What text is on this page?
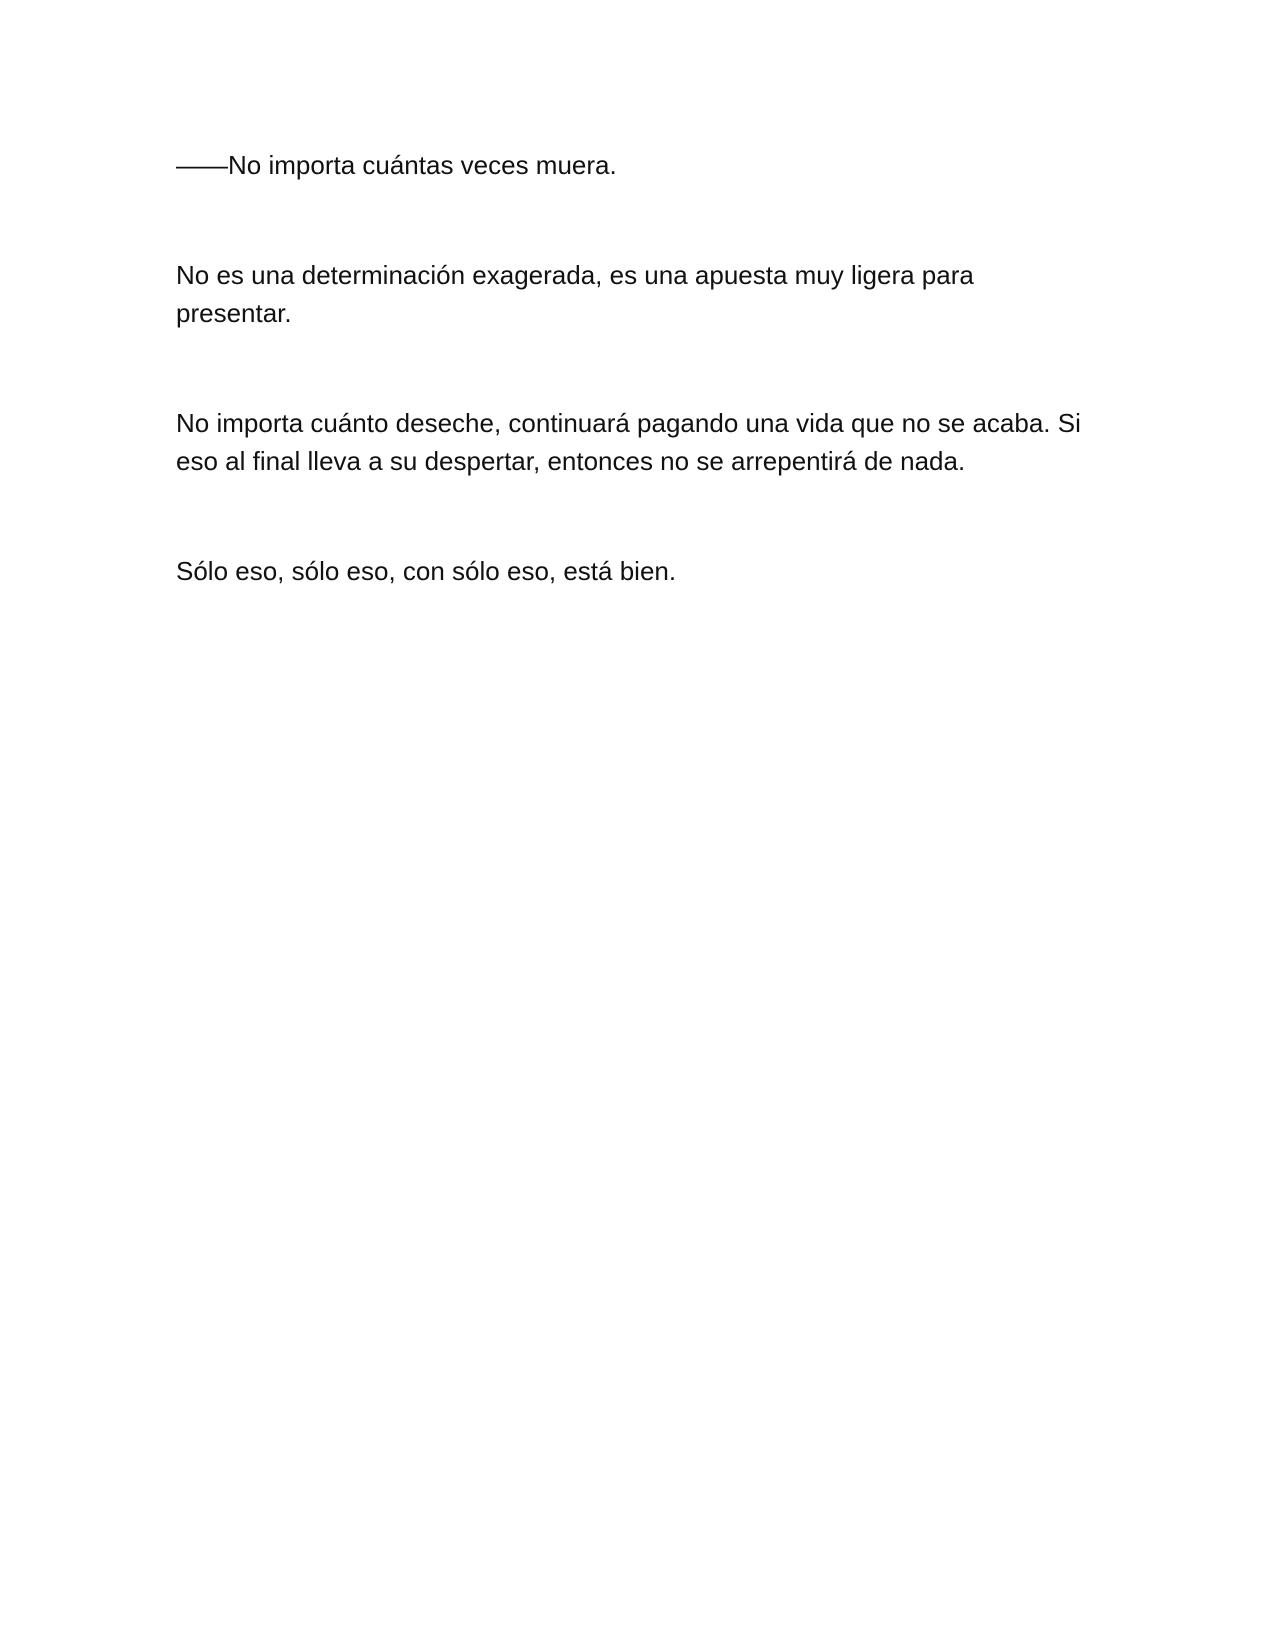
——No importa cuántas veces muera.

No es una determinación exagerada, es una apuesta muy ligera para
presentar.

No importa cuánto deseche, continuará pagando una vida que no se acaba. Si
eso al final lleva a su despertar, entonces no se arrepentirá de nada.

Sólo eso, sólo eso, con sólo eso, está bien.
